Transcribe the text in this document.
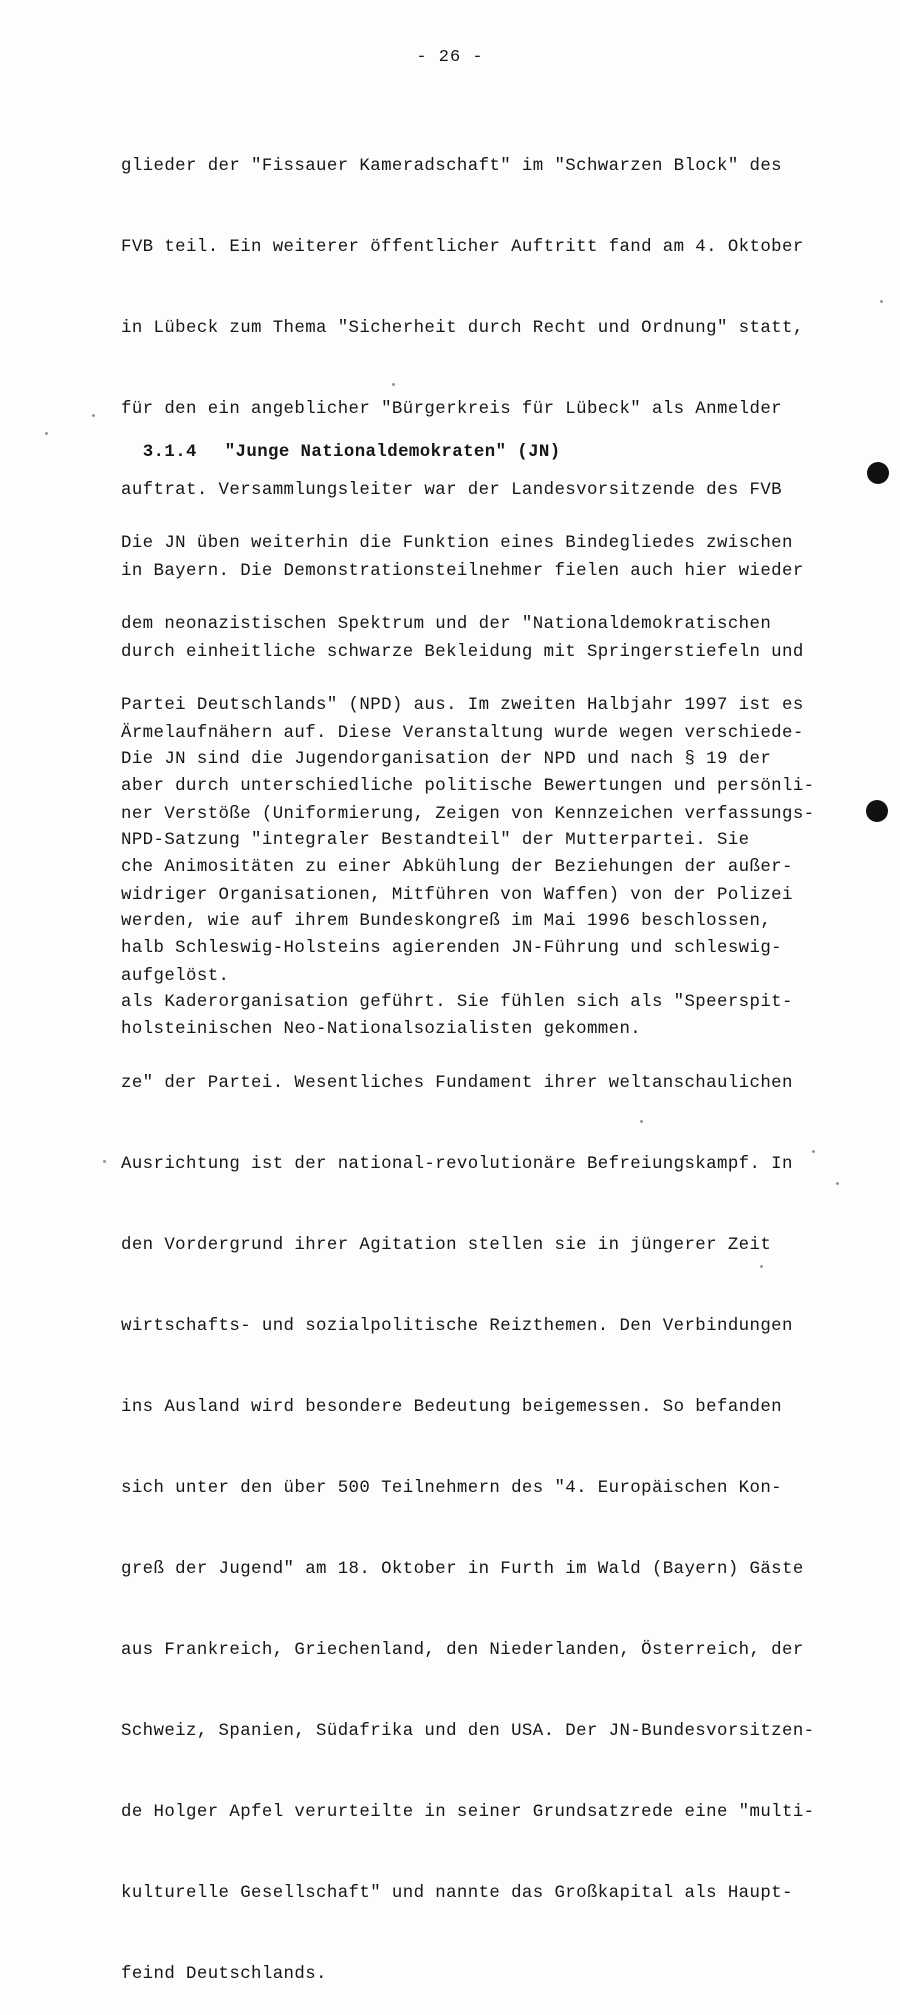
- 26 -

glieder der "Fissauer Kameradschaft" im "Schwarzen Block" des

FVB teil. Ein weiterer öffentlicher Auftritt fand am 4. Oktober

in Lübeck zum Thema "Sicherheit durch Recht und Ordnung" statt,

für den ein angeblicher "Bürgerkreis für Lübeck" als Anmelder

auftrat. Versammlungsleiter war der Landesvorsitzende des FVB

in Bayern. Die Demonstrationsteilnehmer fielen auch hier wieder

durch einheitliche schwarze Bekleidung mit Springerstiefeln und

Ärmelaufnähern auf. Diese Veranstaltung wurde wegen verschiede-

ner Verstöße (Uniformierung, Zeigen von Kennzeichen verfassungs-

widriger Organisationen, Mitführen von Waffen) von der Polizei

aufgelöst.

3.1.4 "Junge Nationaldemokraten" (JN)

Die JN üben weiterhin die Funktion eines Bindegliedes zwischen

dem neonazistischen Spektrum und der "Nationaldemokratischen

Partei Deutschlands" (NPD) aus. Im zweiten Halbjahr 1997 ist es

aber durch unterschiedliche politische Bewertungen und persönli-

che Animositäten zu einer Abkühlung der Beziehungen der außer-

halb Schleswig-Holsteins agierenden JN-Führung und schleswig-

holsteinischen Neo-Nationalsozialisten gekommen.

Die JN sind die Jugendorganisation der NPD und nach § 19 der

NPD-Satzung "integraler Bestandteil" der Mutterpartei. Sie

werden, wie auf ihrem Bundeskongreß im Mai 1996 beschlossen,

als Kaderorganisation geführt. Sie fühlen sich als "Speerspit-

ze" der Partei. Wesentliches Fundament ihrer weltanschaulichen

Ausrichtung ist der national-revolutionäre Befreiungskampf. In

den Vordergrund ihrer Agitation stellen sie in jüngerer Zeit

wirtschafts- und sozialpolitische Reizthemen. Den Verbindungen

ins Ausland wird besondere Bedeutung beigemessen. So befanden

sich unter den über 500 Teilnehmern des "4. Europäischen Kon-

greß der Jugend" am 18. Oktober in Furth im Wald (Bayern) Gäste

aus Frankreich, Griechenland, den Niederlanden, Österreich, der

Schweiz, Spanien, Südafrika und den USA. Der JN-Bundesvorsitzen-

de Holger Apfel verurteilte in seiner Grundsatzrede eine "multi-

kulturelle Gesellschaft" und nannte das Großkapital als Haupt-

feind Deutschlands.
